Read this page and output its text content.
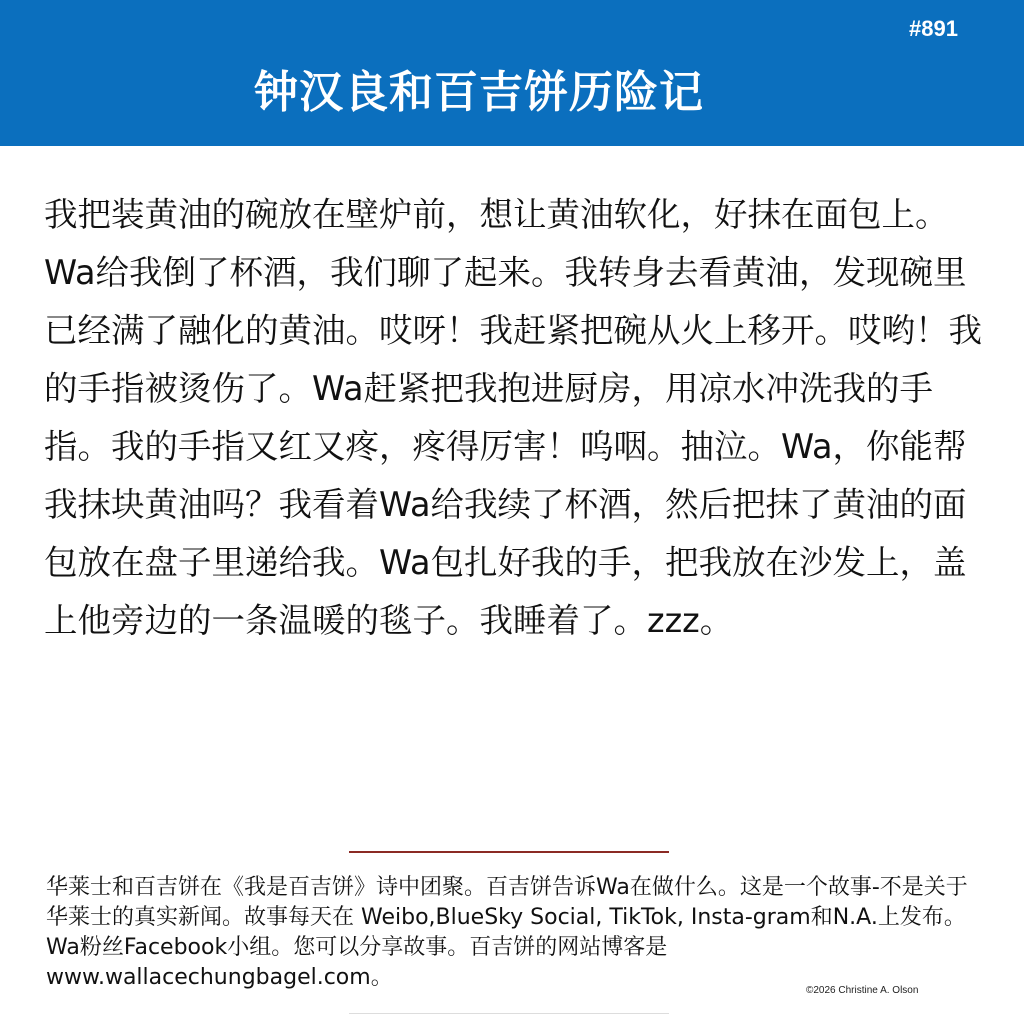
#891
钟汉良和百吉饼历险记

我把装黄油的碗放在壁炉前，想让黄油软化，好抹在面包上。Wa给我倒了杯酒，我们聊了起来。我转身去看黄油，发现碗里已经满了融化的黄油。哎呀！我赶紧把碗从火上移开。哎哟！我的手指被烫伤了。Wa赶紧把我抱进厨房，用凉水冲洗我的手指。我的手指又红又疼，疼得厉害！呜咽。抽泣。Wa，你能帮我抹块黄油吗？我看着Wa给我续了杯酒，然后把抹了黄油的面包放在盘子里递给我。Wa包扎好我的手，把我放在沙发上，盖上他旁边的一条温暖的毯子。我睡着了。zzz。

华莱士和百吉饼在《我是百吉饼》诗中团聚。百吉饼告诉Wa在做什么。这是一个故事-不是关于华莱士的真实新闻。故事每天在 Weibo,BlueSky Social, TikTok, Insta-gram和N.A.上发布。Wa粉丝Facebook小组。您可以分享故事。百吉饼的网站博客是www.wallacechungbagel.com。

©2026 Christine A. Olson
